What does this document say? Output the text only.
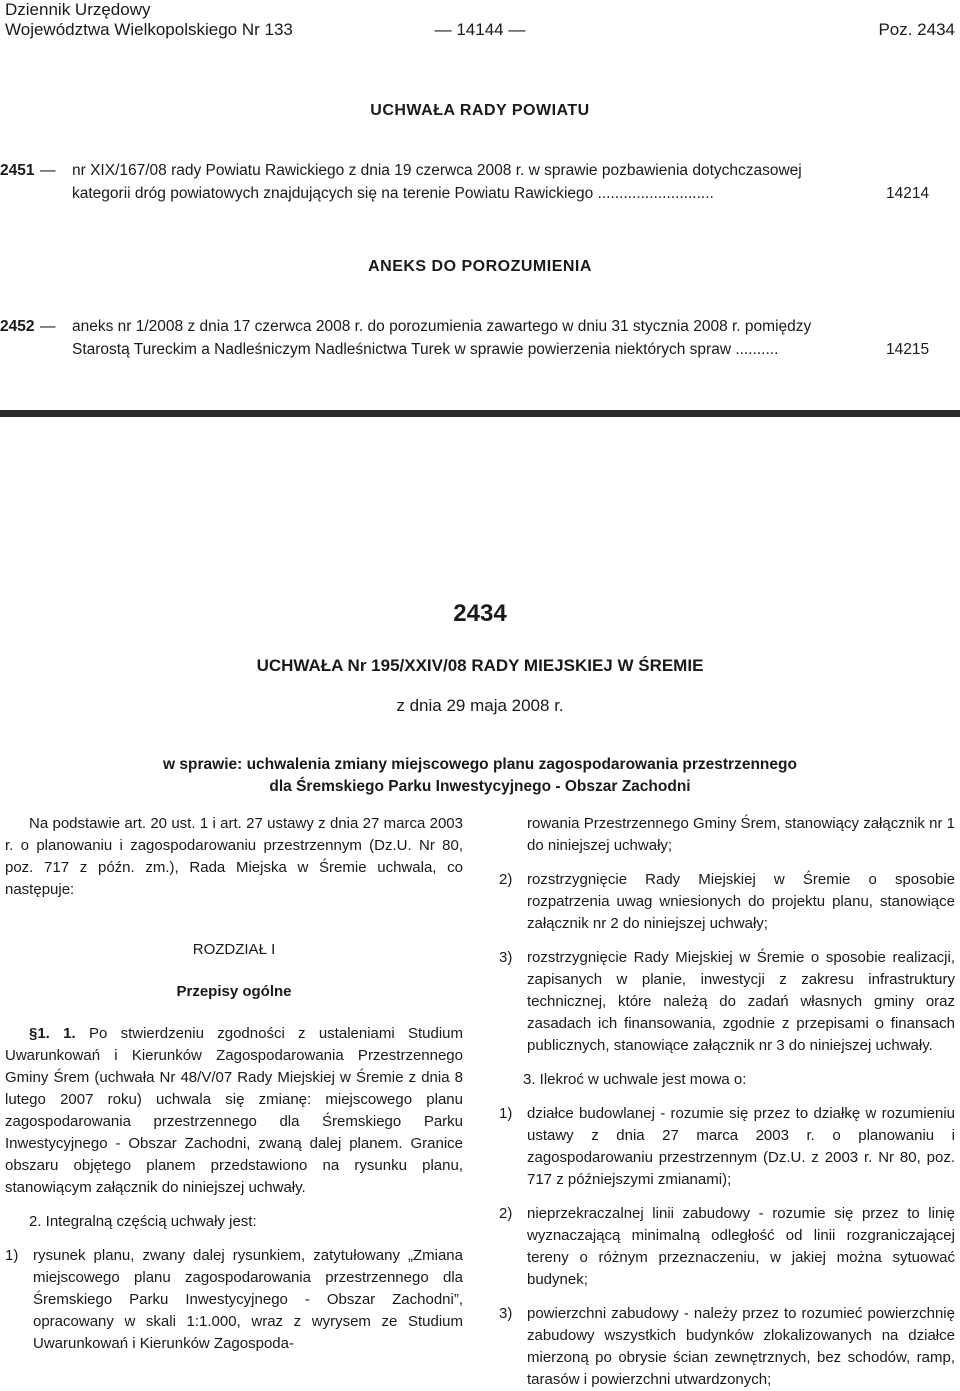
Dziennik Urzędowy
Województwa Wielkopolskiego Nr 133	— 14144 —	Poz. 2434
UCHWAŁA RADY POWIATU
2451 — nr XIX/167/08 rady Powiatu Rawickiego z dnia 19 czerwca 2008 r. w sprawie pozbawienia dotychczasowej
kategorii dróg powiatowych znajdujących się na terenie Powiatu Rawickiego ...........................	14214
ANEKS DO POROZUMIENIA
2452 — aneks nr 1/2008 z dnia 17 czerwca 2008 r. do porozumienia zawartego w dniu 31 stycznia 2008 r. pomiędzy
Starostą Tureckim a Nadleśniczym Nadleśnictwa Turek w sprawie powierzenia niektórych spraw ..........	14215
2434
UCHWAŁA Nr 195/XXIV/08 RADY MIEJSKIEJ W ŚREMIE
z dnia 29 maja 2008 r.
w sprawie: uchwalenia zmiany miejscowego planu zagospodarowania przestrzennego
dla Śremskiego Parku Inwestycyjnego - Obszar Zachodni

Na podstawie art. 20 ust. 1 i art. 27 ustawy z dnia 27 marca 2003 r. o planowaniu i zagospodarowaniu przestrzennym (Dz.U. Nr 80, poz. 717 z późn. zm.), Rada Miejska w Śremie uchwala, co następuje:

ROZDZIAŁ I

Przepisy ogólne

§1. 1. Po stwierdzeniu zgodności z ustaleniami Studium Uwarunkowań i Kierunków Zagospodarowania Przestrzennego Gminy Śrem (uchwała Nr 48/V/07 Rady Miejskiej w Śremie z dnia 8 lutego 2007 roku) uchwala się zmianę: miejscowego planu zagospodarowania przestrzennego dla Śremskiego Parku Inwestycyjnego - Obszar Zachodni, zwaną dalej planem. Granice obszaru objętego planem przedstawiono na rysunku planu, stanowiącym załącznik do niniejszej uchwały.

2. Integralną częścią uchwały jest:

1) rysunek planu, zwany dalej rysunkiem, zatytułowany „Zmiana miejscowego planu zagospodarowania przestrzennego dla Śremskiego Parku Inwestycyjnego - Obszar Zachodni”, opracowany w skali 1:1.000, wraz z wyrysem ze Studium Uwarunkowań i Kierunków Zagospoda-

rowania Przestrzennego Gminy Śrem, stanowiący załącznik nr 1 do niniejszej uchwały;

2) rozstrzygnięcie Rady Miejskiej w Śremie o sposobie rozpatrzenia uwag wniesionych do projektu planu, stanowiące załącznik nr 2 do niniejszej uchwały;
3) rozstrzygnięcie Rady Miejskiej w Śremie o sposobie realizacji, zapisanych w planie, inwestycji z zakresu infrastruktury technicznej, które należą do zadań własnych gminy oraz zasadach ich finansowania, zgodnie z przepisami o finansach publicznych, stanowiące załącznik nr 3 do niniejszej uchwały.

3. Ilekroć w uchwale jest mowa o:

1) działce budowlanej - rozumie się przez to działkę w rozumieniu ustawy z dnia 27 marca 2003 r. o planowaniu i zagospodarowaniu przestrzennym (Dz.U. z 2003 r. Nr 80, poz. 717 z późniejszymi zmianami);
2) nieprzekraczalnej linii zabudowy - rozumie się przez to linię wyznaczającą minimalną odległość od linii rozgraniczającej tereny o różnym przeznaczeniu, w jakiej można sytuować budynek;
3) powierzchni zabudowy - należy przez to rozumieć powierzchnię zabudowy wszystkich budynków zlokalizowanych na działce mierzoną po obrysie ścian zewnętrznych, bez schodów, ramp, tarasów i powierzchni utwardzonych;
